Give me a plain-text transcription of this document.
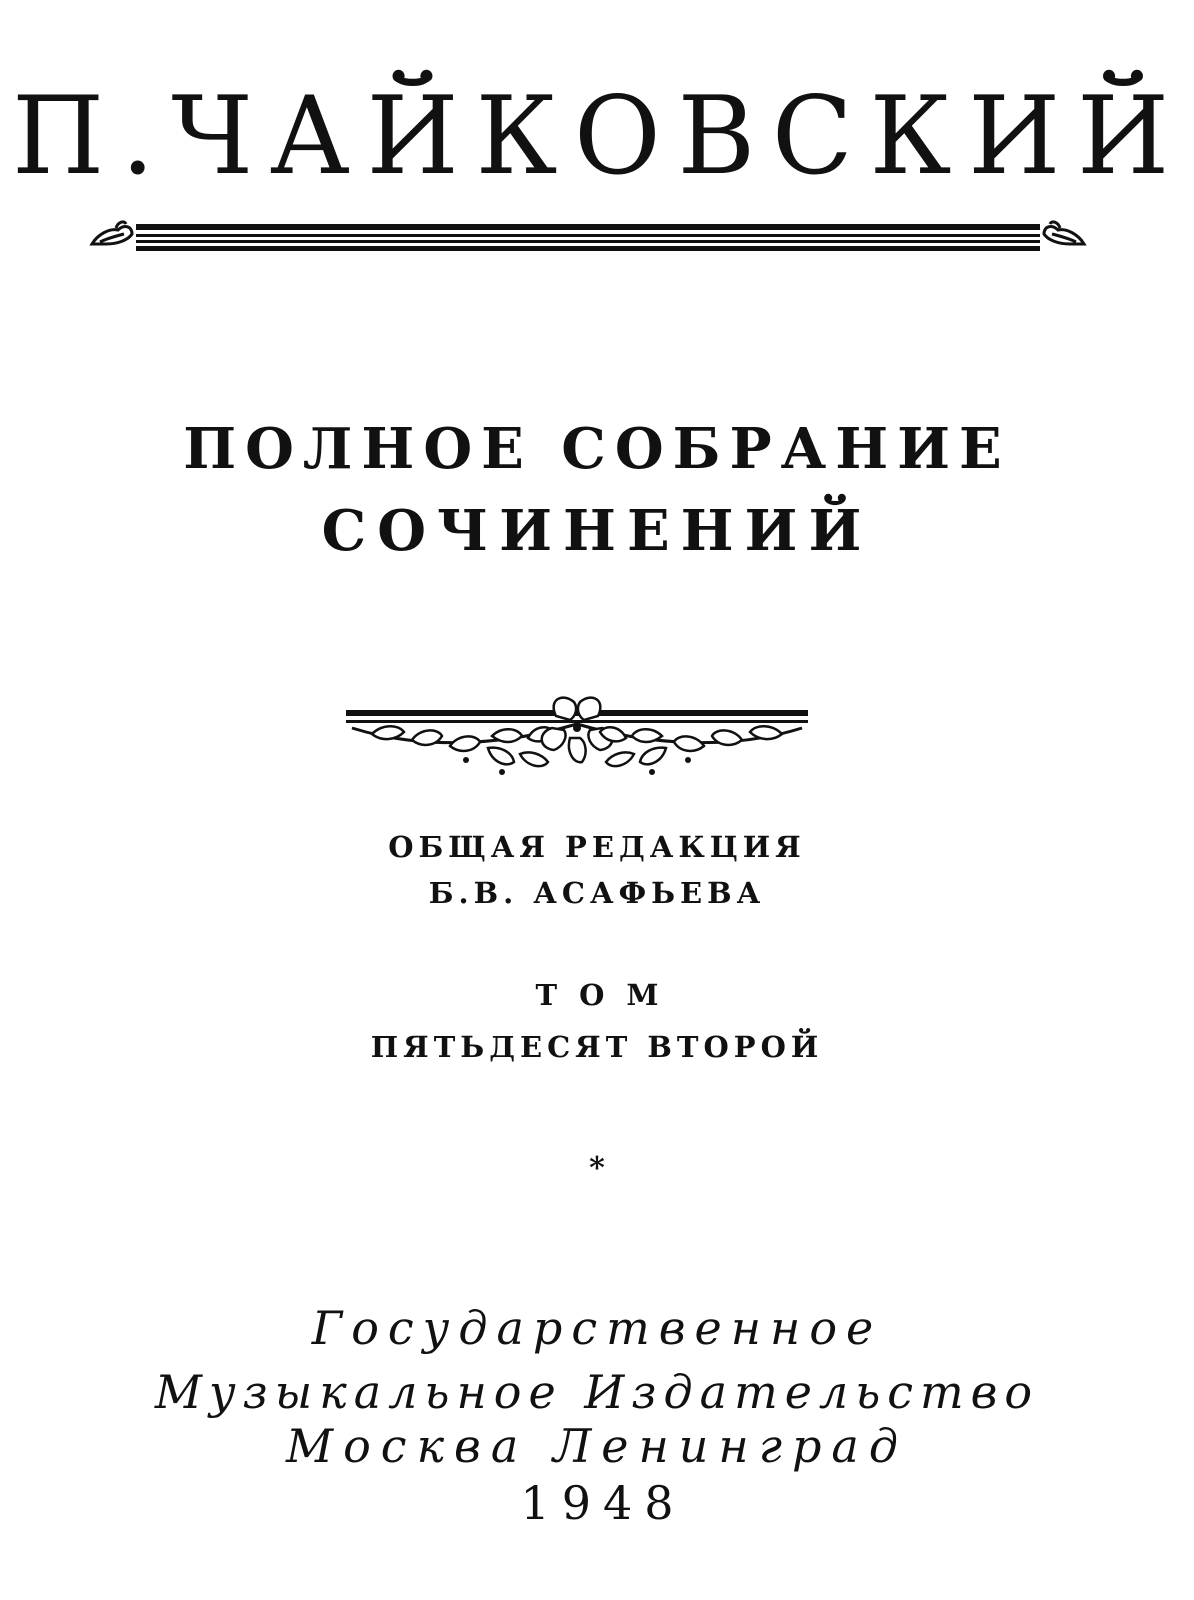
П.ЧАЙКОВСКИЙ
ПОЛНОЕ СОБРАНИЕ
СОЧИНЕНИЙ
ОБЩАЯ РЕДАКЦИЯ
Б.В. АСАФЬЕВА
ТОМ
ПЯТЬДЕСЯТ ВТОРОЙ
*
Государственное
Музыкальное Издательство
Москва Ленинград
1948
